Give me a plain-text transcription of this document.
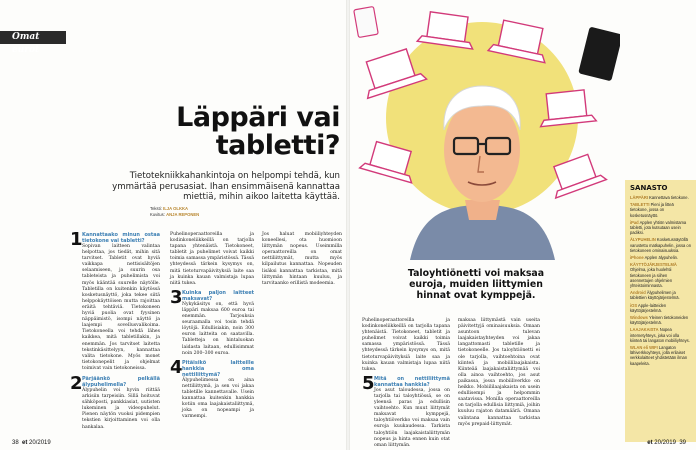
Omat eurot
Läppäri vai
tabletti?
Tietotekniikkahankintoja on helpompi tehdä, kun ymmärtää perusasiat. Ihan ensimmäisenä kannattaa miettiä, mihin aikoo laitetta käyttää.
Teksti: ILJA OLKKA
Kuvitus: ANJA REPONEN
1 Kannattaako minun ostaa tietokone vai tabletti?

Sopivan laitteen valintaa helpottaa, jos tiedät, mihin sitä tarvitset. Tabletit ovat hyviä vaikkapa nettisisältöjen selaamiseen, ja suurin osa tableteista ja puhelimista voi myös kääntää suurelle näytölle. Tabletilla on kuitenkin käytössä kosketusnäyttö, joka tekee siitä helppokäyttöisen mutta rajoittaa eräitä tehtäviä. Tietokoneen hyviä puolia ovat fyysinen näppäimistö, isompi näyttö ja laajempi sovellusvalikoima. Tietokoneella voi tehdä lähes kaikkea, mitä tabletillakin, ja enemmän. Jos tarvitset laitetta tekstinkäsittelyyn, kannattaa valita tietokone. Myös monet tietokonepelit ja ohjelmat toimivat vain tietokoneissa.

2 Pärjäänkö pelkällä älypuhelimella?

Älypuhelin voi hyvin riittää arkisiin tarpeisiin. Sillä hoituvat sähköposti, pankkiasiat, uutisten lukeminen ja videopuhelut. Pienen näytön vuoksi pidempien tekstien kirjoittaminen voi olla hankalaa.

Puhelinoperaattoreilla ja kodinkoneliikkeillä on tarjolla tapana yhtenäistä. Tietokoneet, tabletit ja puhelimet voivat kaikki toimia samassa ympäristössä. Tässä yhteydessä tärkein kysymys on, mitä tietoturvapäivityksiä laite saa ja kuinka kauan valmistaja lupaa niitä tukea.

3 Kuinka paljon laitteet maksavat?

Nykykäsitys on, että hyvä läppäri maksaa 600 euroa tai enemmän. Tarjouksia seuraamalla voi tosin tehdä löytöjä. Edullisiakin, noin 300 euron laitteita on saatavilla. Tabletteja on hintaluokan laidasta laitaan, edullisimmat noin 200–300 euroa.

4 Pitäisikö laitteille hankkia oma nettiliittymä?

Älypuhelimessa on aina nettiliittymä, ja sen voi jakaa tabletille kannettavalle. Usein kannattaa kuitenkin hankkia kotiin oma laajakaistaliittymä, joka on nopeampi ja varmempi.

Jos haluat mobiiliyhteyden koneellesi, ota huomioon liittymän nopeus. Useimmilla operaattoreilla on omat nettiliittymät, mutta myös kilpailutus kannattaa. Nopeuden lisäksi kannattaa tarkistaa, mitä liittymän hintaan kuuluu, ja tarvitaanko erillistä modeemia.

38 et 20/2019
Taloyhtiönetti voi maksaa euroja, muiden liittymien hinnat ovat kymppejä.

Puhelinoperaattoreilla ja kodinkoneliikkeillä on tarjolla tapana yhtenäistä. Tietokoneet, tabletit ja puhelimet voivat kaikki toimia samassa ympäristössä. Tässä yhteydessä tärkein kysymys on, mitä tietoturvapäivityksiä laite saa ja kuinka kauan valmistaja lupaa niitä tukea.

5 Mitä on nettiliittymä kannattaa hankkia?

Jos asut taloudessa, jossa on tarjolla tai taloyhtiössä, se on yleensä paras ja edullisin vaihtoehto. Kun muut liittymät maksavat kymppejä, taloyhtiöverkko voi maksaa vain euroja kuukaudessa. Tarkista taloyhtiön laajakaistaliittymän nopeus ja hinta ennen kuin otat oman liittymän.

maksaa liittymästä vain useita päivitettyjä ominaisuuksia. Omaan asuntoon tulevan laajakaistayhteyden voi jakaa langattomasti tabletille ja tietokoneelle. Jos taloyhtiönetti ei ole tarjolla, vaihtoehtoina ovat kiinteä ja mobiililaajakaista. Kiinteää laajakaistaliittymää voi olla ainoa vaihtoehto, jos asut paikassa, jossa mobiiliverkko on heikko. Mobiililaajakaista on usein edullisempi ja helpommin saatavissa. Monilla operaattoreilla on tarjolla edullisia liittymiä, joihin kuuluu rajaton datamäärä. Omana valintana kannattaa tarkistaa myös prepaid-liittymät.

SANASTO
LÄPPÄRI Kannettava tietokone.
TABLETTI Pieni ja litteä tietokone, jossa on kosketusnäyttö.
iPad Applen yhtiön valmistama tabletti, jota kutsutaan usein padiksi.
ÄLYPUHELIN Kosketusnäytöllä varustettu matkapuhelin, jossa on tietokoneen ominaisuuksia.
iPhone Applen älypuhelin.
KÄYTTÖJÄRJESTELMÄ Ohjelma, joka huolehtii tietokoneen ja siihen asennettujen ohjelmien yhteistoiminnasta.
Android Älypuhelimen ja tablettien käyttöjärjestelmä.
iOS Apple-laitteiden käyttöjärjestelmä.
Windows Yleinen tietokoneiden käyttöjärjestelmä.
LAAJAKAISTA Nopea internetyhteys, joka voi olla kiinteä tai langaton mobiiliyhteys.
WLAN eli WIFI Langaton lähiverkkoyhteys, jolla erilaiset verkkolaitteet yhdistetään ilman kaapeleita.
et 20/2019 39
